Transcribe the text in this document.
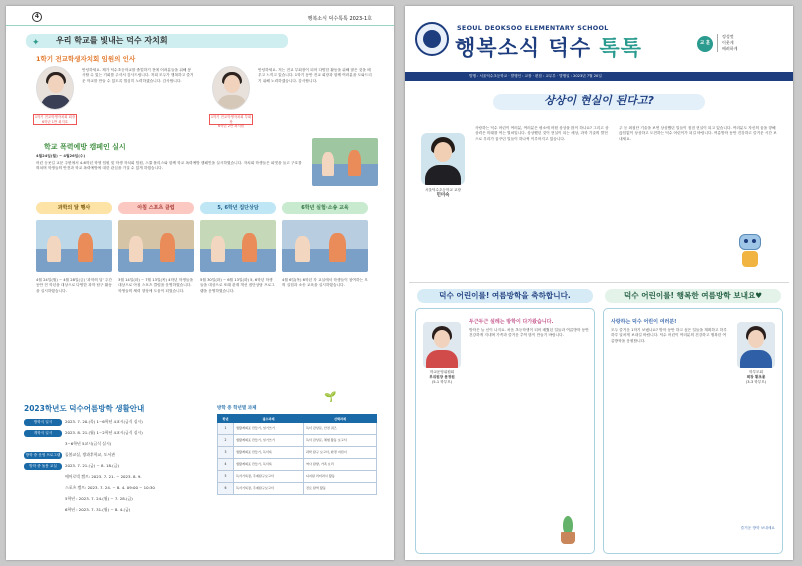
4	행복소식 덕수톡톡 2023-1호
✦ 우리 학교를 빛내는 덕수 자치회
1학기 전교학생자치회 임원의 인사
1학기 전교학생자치회 회장
6학년 1반 최지호
안녕하세요. 제가 덕수초등학교를 졸업하기 전에 어려분들을 위해 봉사할 수 있는 기회를 주셔서 감사드립니다. 저희 모두가 행복하고 즐거운 학교를 만들 수 있도록 열심히 노력하겠습니다. 감사합니다.
1학기 전교학생자치회 부회장
6학년 2반 최지원
안녕하세요. 저는 전교 부회장이 되어 다양한 활동을 위해 많은 것을 배우고 느끼고 있습니다. 1학기 동안 전교 회장과 함께 여러분을 도와드리기 위해 노력하겠습니다. 감사합니다.
학교 폭력예방 캠페인 실시
4월24일(월) ~ 4월26일(수)
어린 등굣길 교문 주변에서 4-6학년 학생 임원 및 학생 자치회 임원, 스쿨 폴리스와 함께 학교 폭력예방 캠페인을 실시하였습니다. 자치회 학생들은 피켓을 들고 구호를 외치며 학생들의 안전과 학교 폭력예방에 대한 관심을 가질 수 있게 하였습니다.
과학의 달 행사	아침 스포츠 클럽	5, 6학년 집단상담	6학년 실험·소송 교육
4월 24일(월) ~ 4월 28일(금) '과학의 달' 주간 동안 전 학년을 대상으로 다양한 과학 탐구 활동을 실시하였습니다.
3월 14일(화) ~ 7월 13일(목) 4학년 학생들을 대상으로 아침 스포츠 클럽을 운영하였습니다. 학생들의 체력 향상에 도움이 되었습니다.
5월 30일(화) ~ 6월 13일(화) 5, 6학년 학생들을 대상으로 또래 관계 개선 집단상담 프로그램을 운영하였습니다.
4월 6일(목) 6학년 각 교실에서 학생들이 참여하는 모의 실험과 소송 교육을 실시하였습니다.
2023학년도 덕수어름방학 생활안내
방학식 일시	2023. 7. 20.(목) 1~6학년 4교시(급식 실시)
개학식 일시	2023. 8. 21.(월) 1~2학년 4교시(급식 실시)
3~6학년 5교시(급식 실시)
방학 중 운영 프로그램 돌봄교실, 방과후학교, 도서관
방학 중 돌봄 교실 2023. 7. 21.(금) ~ 8. 18.(금)
에어로빅 캠프: 2023. 7. 21. ~ 2023. 8. 9.
스포츠 캠프: 2023. 7. 24. ~ 8. 4. 09:00 ~ 10:30
5학년 : 2023. 7. 24.(월) ~ 7. 28.(금)
6학년 : 2023. 7. 31.(월) ~ 8. 4.(금)
🌱
방학 중 학년별 과제
학년	필수과제	선택과제
1	생활계획표 만들기, 일기쓰기	독서 감상문, 안전 퀴즈
2	생활계획표 만들기, 일기쓰기	독서 감상문, 체험 활동 보고서
3	생활계획표 만들기, 독서록	과학 탐구 보고서, 환경 지킴이
4	생활계획표 만들기, 독서록	역사 탐방, 가족 요리
5	독서기록장, 주제탐구보고서	디지털 리터러시 활동
6	독서기록장, 주제탐구보고서	진로 탐색 활동
SEOUL DEOKSOO ELEMENTARY SCHOOL
행복소식 덕수 톡톡	교 훈
정성껏
이웃게
배려하게
발행 : 서울덕수초등학교 · 발행인 : 교장 · 편집 : 교무부 · 발행일 : 2023년 7월 20일
상상이 현실이 된다고?
서울덕수초등학교 교장
민미숙
사랑하는 덕수 어린이 여러분, 여러분은 평소에 어떤 상상을 많이 하나요? 그리고 상상력은 미래를 여는 열쇠입니다. 상상했던 것이 현실이 되는 세상, 과학 기술의 발전으로 우리가 꿈꾸던 일들이 하나씩 이루어지고 있습니다.
주 등 최첨단 기술을 보면 상상했던 일들이 점점 현실이 되고 있습니다. 여러분도 자신의 꿈을 향해 끊임없이 상상하고 도전하는 덕수 어린이가 되길 바랍니다. 여름방학 동안 건강하고 즐거운 시간 보내세요.
덕수 어린이를! 여름방학을 축하합니다.	덕수 어린이를! 행복한 여름방학 보내요♥
학교운영위원회
부위원장 문정원
(5-1 학부모)
두근두근 설레는 방학이 다가왔습니다.
방학은 늘 신이 나지요. 처음 초등학생이 되어 배웠던 일들과 여름방학 동안 건강하게 지내며 가족과 즐거운 추억 많이 만들기 바랍니다.
사랑하는 덕수 어린이 여러분!
모두 즐거운 1학기 보냈나요? 방학 동안 하고 싶은 일들을 계획하고 하루하루 알차게 보내길 바랍니다. 덕수 어린이 여러분의 건강하고 행복한 여름방학을 응원합니다.
학부모회
회장 황초롱
(3-3 학부모)
즐거운 방학 보내세요
